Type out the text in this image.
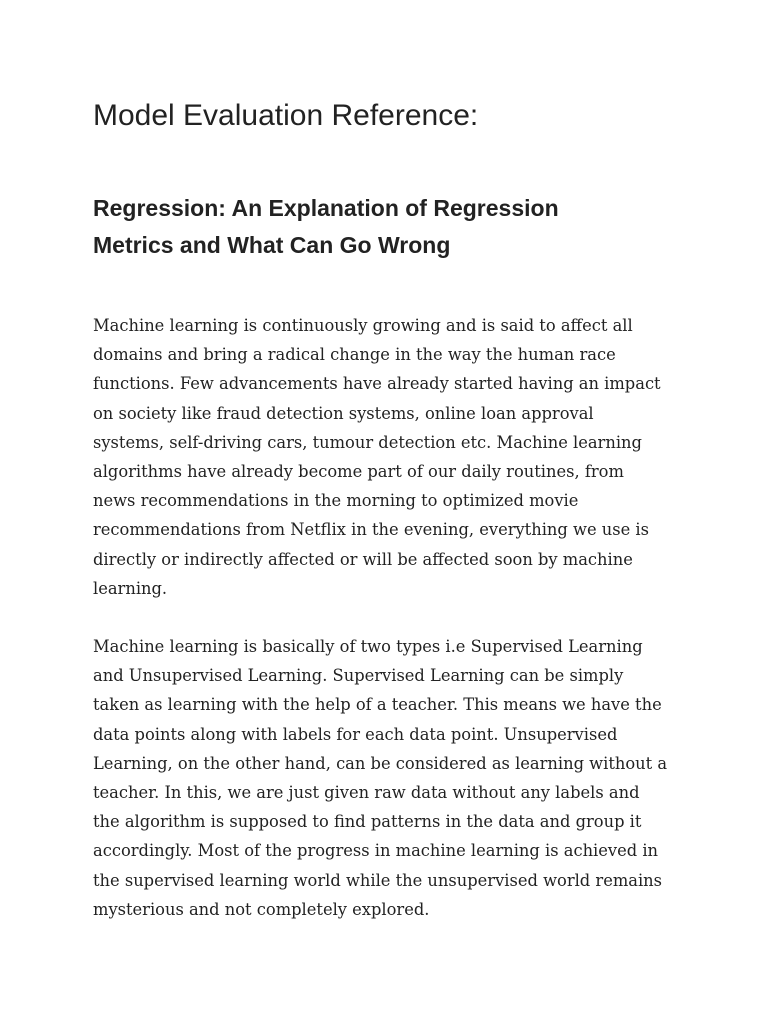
Model Evaluation Reference:
Regression: An Explanation of Regression
Metrics and What Can Go Wrong

Machine learning is continuously growing and is said to affect all
domains and bring a radical change in the way the human race
functions. Few advancements have already started having an impact
on society like fraud detection systems, online loan approval
systems, self-driving cars, tumour detection etc. Machine learning
algorithms have already become part of our daily routines, from
news recommendations in the morning to optimized movie
recommendations from Netflix in the evening, everything we use is
directly or indirectly affected or will be affected soon by machine
learning.

Machine learning is basically of two types i.e Supervised Learning
and Unsupervised Learning. Supervised Learning can be simply
taken as learning with the help of a teacher. This means we have the
data points along with labels for each data point. Unsupervised
Learning, on the other hand, can be considered as learning without a
teacher. In this, we are just given raw data without any labels and
the algorithm is supposed to find patterns in the data and group it
accordingly. Most of the progress in machine learning is achieved in
the supervised learning world while the unsupervised world remains
mysterious and not completely explored.
